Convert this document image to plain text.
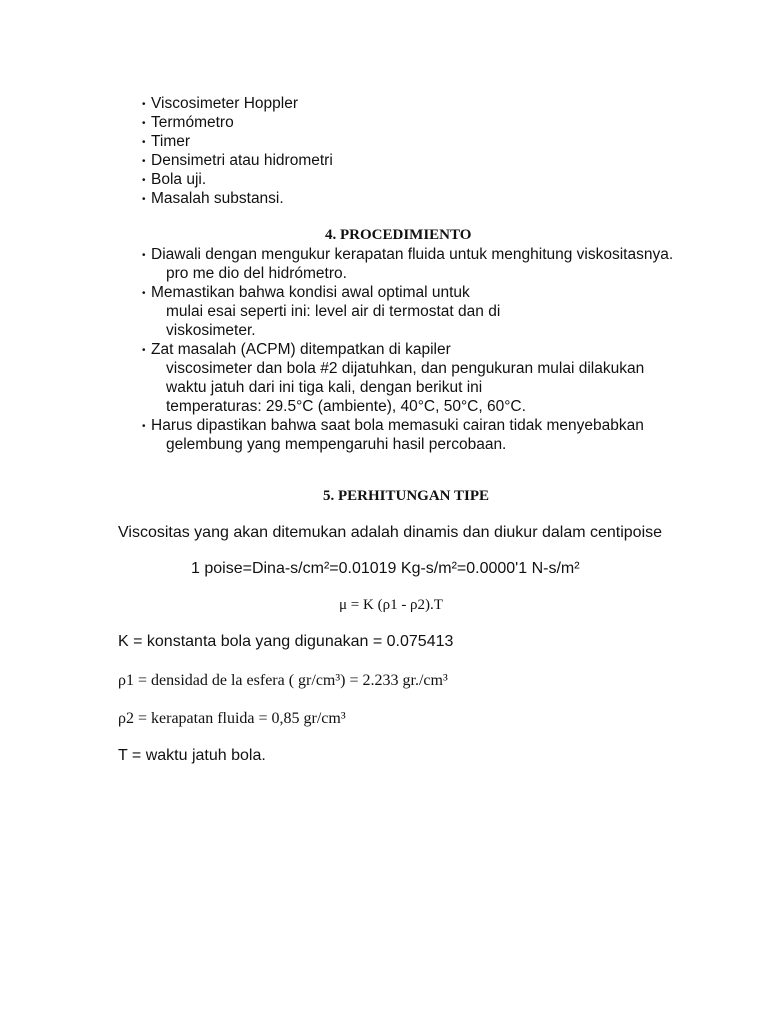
• Viscosimeter Hoppler
• Termómetro
• Timer
• Densimetri atau hidrometri
• Bola uji.
• Masalah substansi.
4. PROCEDIMIENTO
• Diawali dengan mengukur kerapatan fluida untuk menghitung viskositasnya.
pro me dio del hidrómetro.
• Memastikan bahwa kondisi awal optimal untuk
mulai esai seperti ini: level air di termostat dan di
viskosimeter.
• Zat masalah (ACPM) ditempatkan di kapiler
viscosimeter dan bola #2 dijatuhkan, dan pengukuran mulai dilakukan
waktu jatuh dari ini tiga kali, dengan berikut ini
temperaturas: 29.5°C (ambiente), 40°C, 50°C, 60°C.
• Harus dipastikan bahwa saat bola memasuki cairan tidak menyebabkan
gelembung yang mempengaruhi hasil percobaan.
5. PERHITUNGAN TIPE
Viscositas yang akan ditemukan adalah dinamis dan diukur dalam centipoise
1 poise=Dina-s/cm²=0.01019 Kg-s/m²=0.0000'1 N-s/m²
μ = K (ρ1 - ρ2).T
K = konstanta bola yang digunakan = 0.075413
ρ1 = densidad de la esfera ( gr/cm³) = 2.233 gr./cm³
ρ2 = kerapatan fluida = 0,85 gr/cm³
T = waktu jatuh bola.
